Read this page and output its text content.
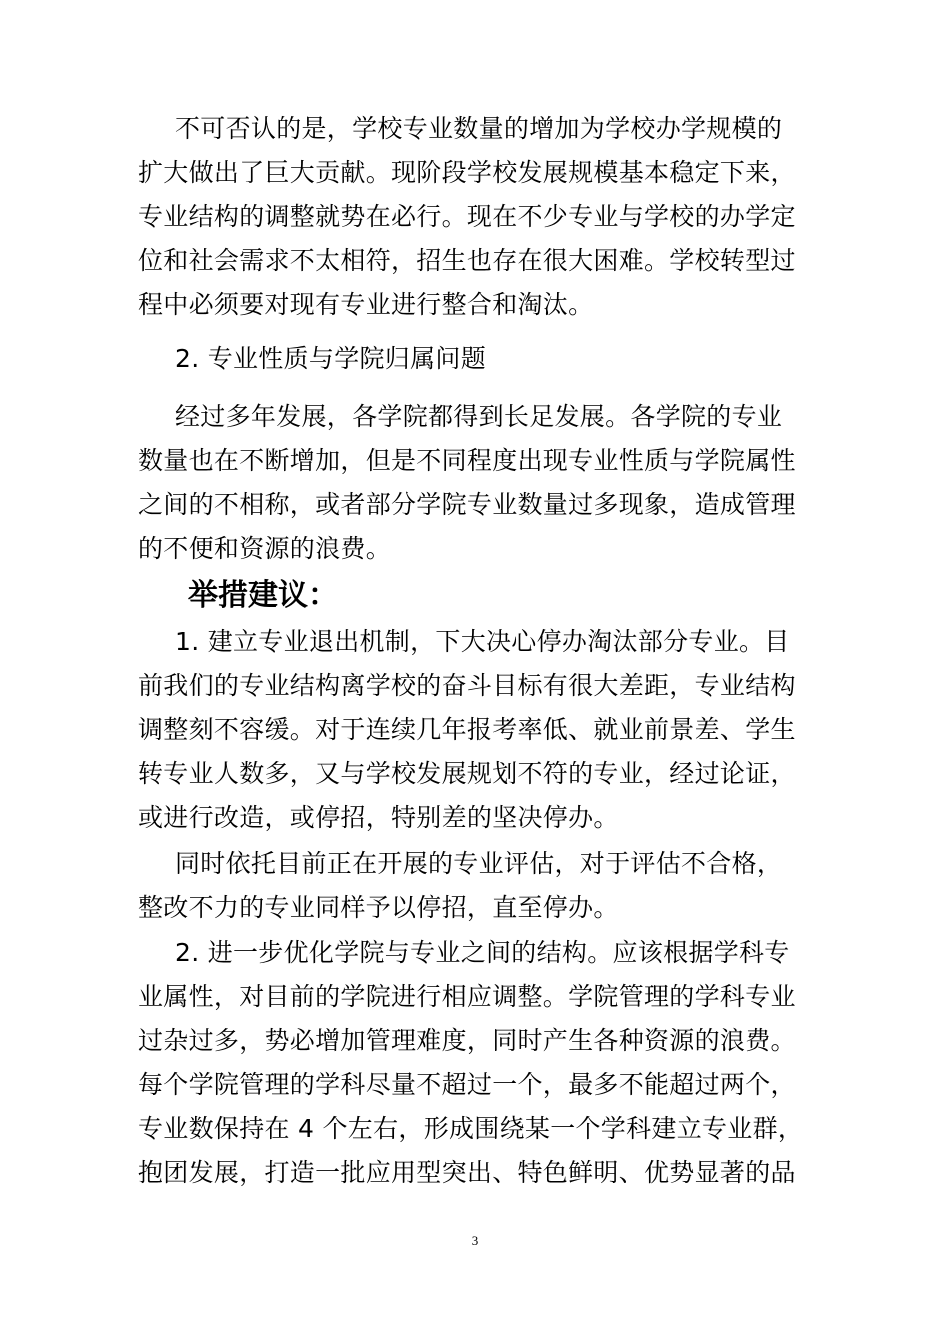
不可否认的是，学校专业数量的增加为学校办学规模的
扩大做出了巨大贡献。现阶段学校发展规模基本稳定下来，
专业结构的调整就势在必行。现在不少专业与学校的办学定
位和社会需求不太相符，招生也存在很大困难。学校转型过
程中必须要对现有专业进行整合和淘汰。
2. 专业性质与学院归属问题
经过多年发展，各学院都得到长足发展。各学院的专业
数量也在不断增加，但是不同程度出现专业性质与学院属性
之间的不相称，或者部分学院专业数量过多现象，造成管理
的不便和资源的浪费。
举措建议：
1. 建立专业退出机制，下大决心停办淘汰部分专业。目
前我们的专业结构离学校的奋斗目标有很大差距，专业结构
调整刻不容缓。对于连续几年报考率低、就业前景差、学生
转专业人数多，又与学校发展规划不符的专业，经过论证，
或进行改造，或停招，特别差的坚决停办。
同时依托目前正在开展的专业评估，对于评估不合格，
整改不力的专业同样予以停招，直至停办。
2. 进一步优化学院与专业之间的结构。应该根据学科专
业属性，对目前的学院进行相应调整。学院管理的学科专业
过杂过多，势必增加管理难度，同时产生各种资源的浪费。
每个学院管理的学科尽量不超过一个，最多不能超过两个，
专业数保持在 4 个左右，形成围绕某一个学科建立专业群，
抱团发展，打造一批应用型突出、特色鲜明、优势显著的品
3
